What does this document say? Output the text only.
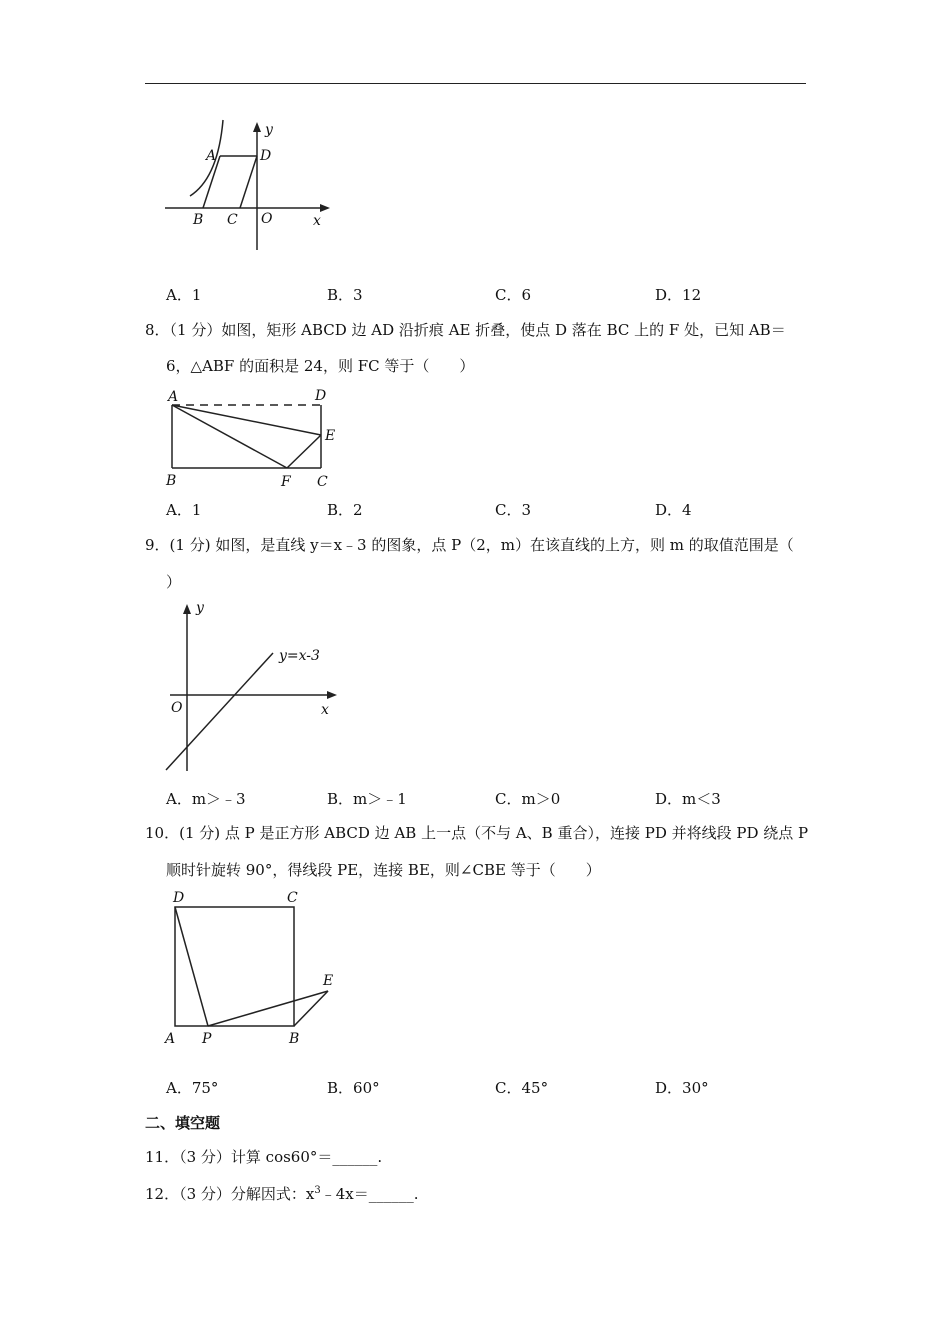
A	D
B C O	x
y
A．1	B．3	C．6	D．12
8．（1 分）如图，矩形 ABCD 边 AD 沿折痕 AE 折叠，使点 D 落在 BC 上的 F 处，已知 AB＝
6，△ABF 的面积是 24，则 FC 等于（　　）
A	D
E
B	F C
A．1	B．2	C．3	D．4
9．(1 分) 如图，是直线 y＝x﹣3 的图象，点 P（2，m）在该直线的上方，则 m 的取值范围是（
）
O	x
y
y=x-3
A．m＞﹣3	B．m＞﹣1	C．m＞0	D．m＜3
10．(1 分) 点 P 是正方形 ABCD 边 AB 上一点（不与 A、B 重合），连接 PD 并将线段 PD 绕点 P
顺时针旋转 90°，得线段 PE，连接 BE，则∠CBE 等于（　　）
D	C
E
A P	B
A．75°	B．60°	C．45°	D．30°
二、填空题
11．（3 分）计算 cos60°＝______.
12．（3 分）分解因式：$x^3﹣4x=\_\_\_\_\_\_$.
